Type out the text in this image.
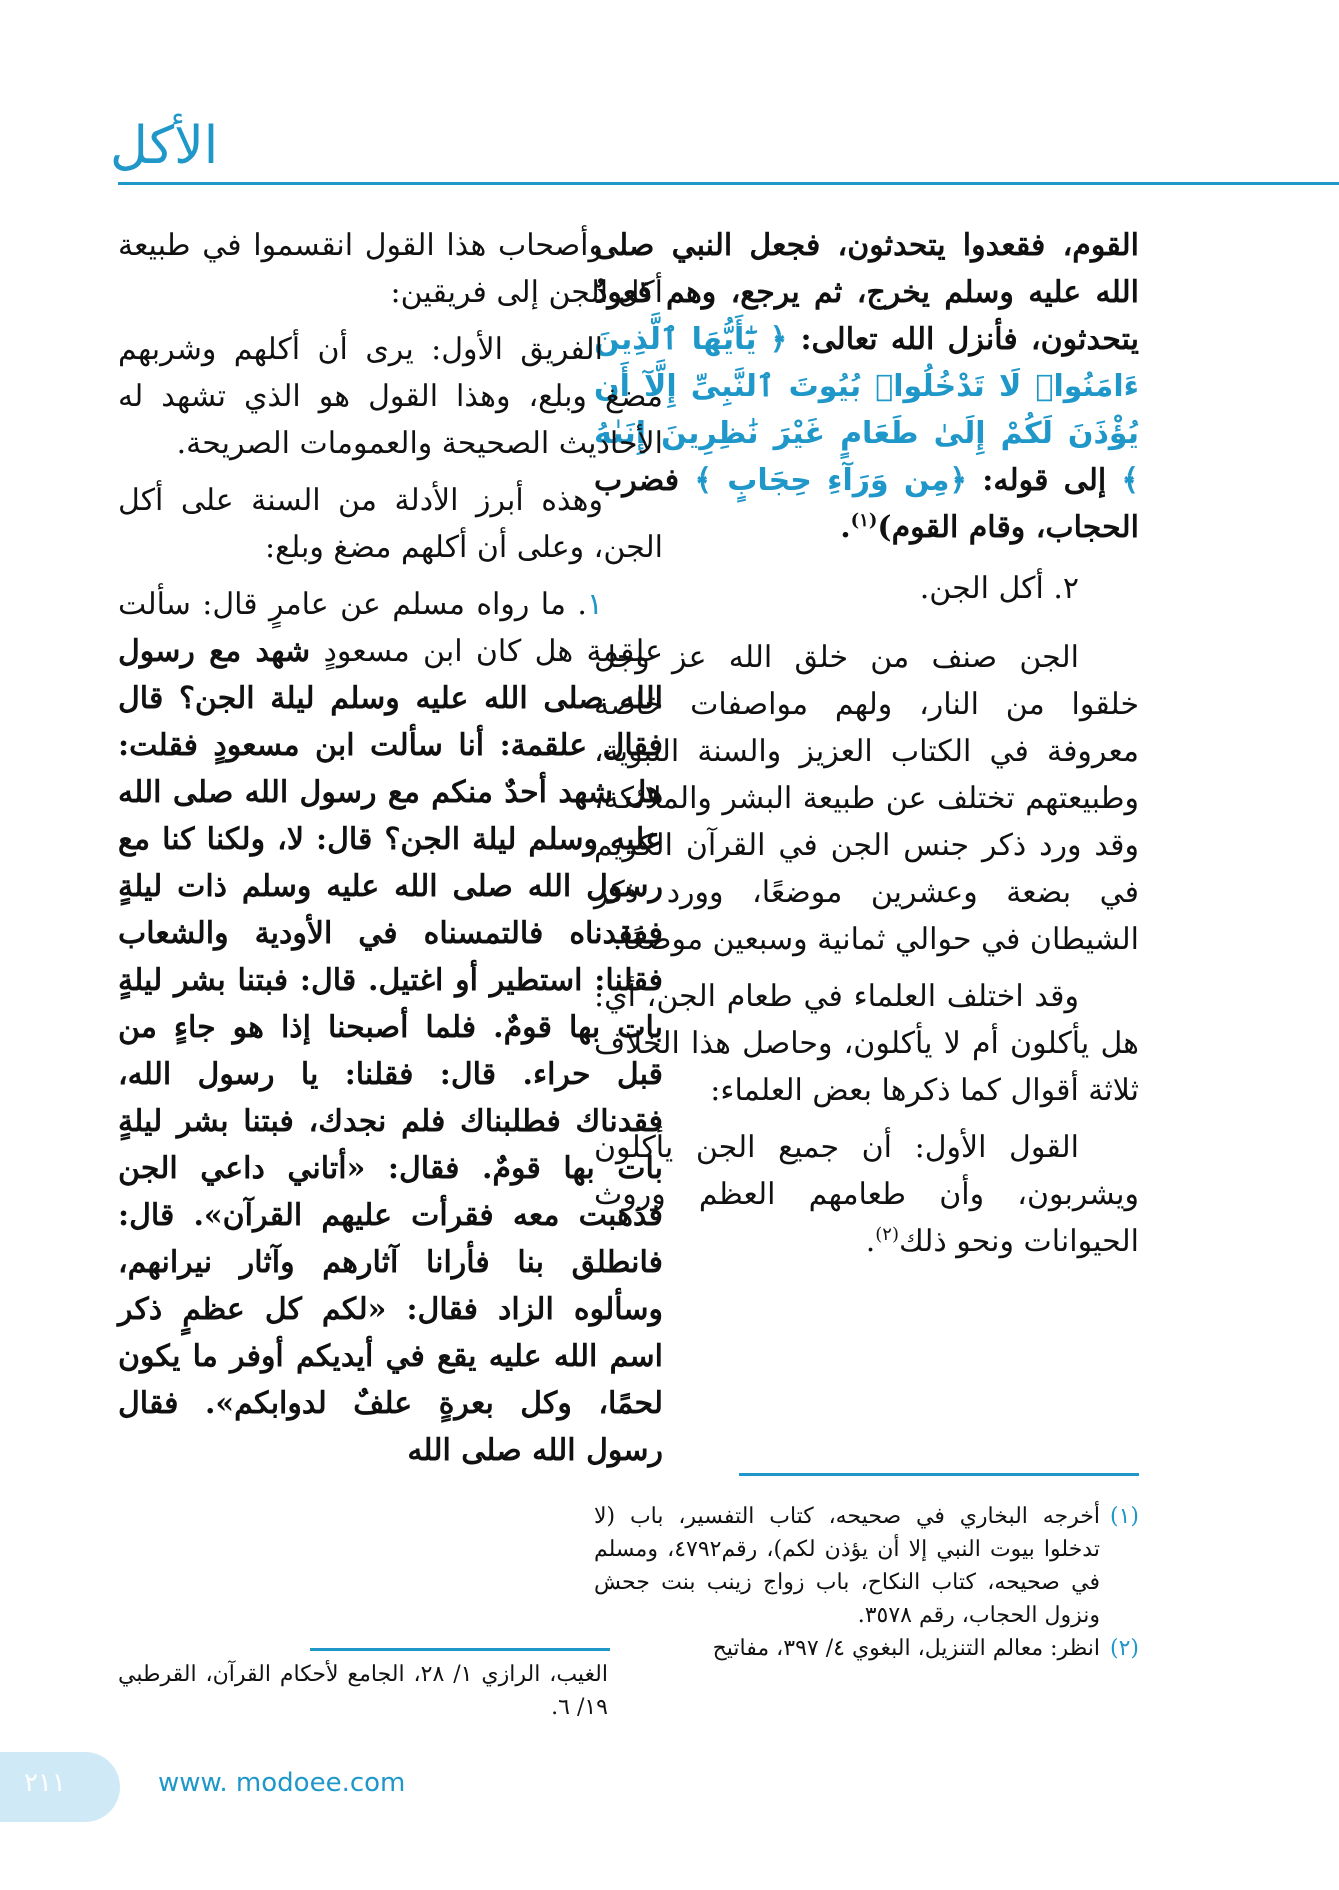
الأكل

القوم، فقعدوا يتحدثون، فجعل النبي صلى الله عليه وسلم يخرج، ثم يرجع، وهم قعودٌ يتحدثون، فأنزل الله تعالى: ﴿ يَٰٓأَيُّهَا ٱلَّذِينَ ءَامَنُوا۟ لَا تَدْخُلُوا۟ بُيُوتَ ٱلنَّبِىِّ إِلَّآ أَن يُؤْذَنَ لَكُمْ إِلَىٰ طَعَامٍ غَيْرَ نَٰظِرِينَ إِنَىٰهُ ﴾ إلى قوله: ﴿مِن وَرَآءِ حِجَابٍ ﴾ فضرب الحجاب، وقام القوم)$^{(١)}$.

٢. أكل الجن.

الجن صنف من خلق الله عز وجل خلقوا من النار، ولهم مواصفات خاصة معروفة في الكتاب العزيز والسنة النبوية، وطبيعتهم تختلف عن طبيعة البشر والملائكة، وقد ورد ذكر جنس الجن في القرآن الكريم في بضعة وعشرين موضعًا، وورد ذكر الشيطان في حوالي ثمانية وسبعين موضعًا.

وقد اختلف العلماء في طعام الجن، أي: هل يأكلون أم لا يأكلون، وحاصل هذا الخلاف ثلاثة أقوال كما ذكرها بعض العلماء:

القول الأول: أن جميع الجن يأكلون ويشربون، وأن طعامهم العظم وروث الحيوانات ونحو ذلك$^{(٢)}$.

وأصحاب هذا القول انقسموا في طبيعة أكل الجن إلى فريقين:

الفريق الأول: يرى أن أكلهم وشربهم مضغ وبلع، وهذا القول هو الذي تشهد له الأحاديث الصحيحة والعمومات الصريحة.

وهذه أبرز الأدلة من السنة على أكل الجن، وعلى أن أكلهم مضغ وبلع:

١. ما رواه مسلم عن عامرٍ قال: سألت علقمة هل كان ابن مسعودٍ شهد مع رسول الله صلى الله عليه وسلم ليلة الجن؟ قال فقال علقمة: أنا سألت ابن مسعودٍ فقلت: هل شهد أحدٌ منكم مع رسول الله صلى الله عليه وسلم ليلة الجن؟ قال: لا، ولكنا كنا مع رسول الله صلى الله عليه وسلم ذات ليلةٍ ففقدناه فالتمسناه في الأودية والشعاب فقلنا: استطير أو اغتيل. قال: فبتنا بشر ليلةٍ بات بها قومٌ. فلما أصبحنا إذا هو جاءٍ من قبل حراء. قال: فقلنا: يا رسول الله، فقدناك فطلبناك فلم نجدك، فبتنا بشر ليلةٍ بات بها قومٌ. فقال: «أتاني داعي الجن فذهبت معه فقرأت عليهم القرآن». قال: فانطلق بنا فأرانا آثارهم وآثار نيرانهم، وسألوه الزاد فقال: «لكم كل عظمٍ ذكر اسم الله عليه يقع في أيديكم أوفر ما يكون لحمًا، وكل بعرةٍ علفٌ لدوابكم». فقال رسول الله صلى الله

(١)
أخرجه البخاري في صحيحه، كتاب التفسير، باب (لا تدخلوا بيوت النبي إلا أن يؤذن لكم)، رقم٤٧٩٢، ومسلم في صحيحه، كتاب النكاح، باب زواج زينب بنت جحش ونزول الحجاب، رقم ٣٥٧٨.
(٢)
انظر: معالم التنزيل، البغوي ٤/ ٣٩٧، مفاتيح
الغيب، الرازي ١/ ٢٨، الجامع لأحكام القرآن، القرطبي ١٩/ ٦.
٢١١	www. modoee.com
